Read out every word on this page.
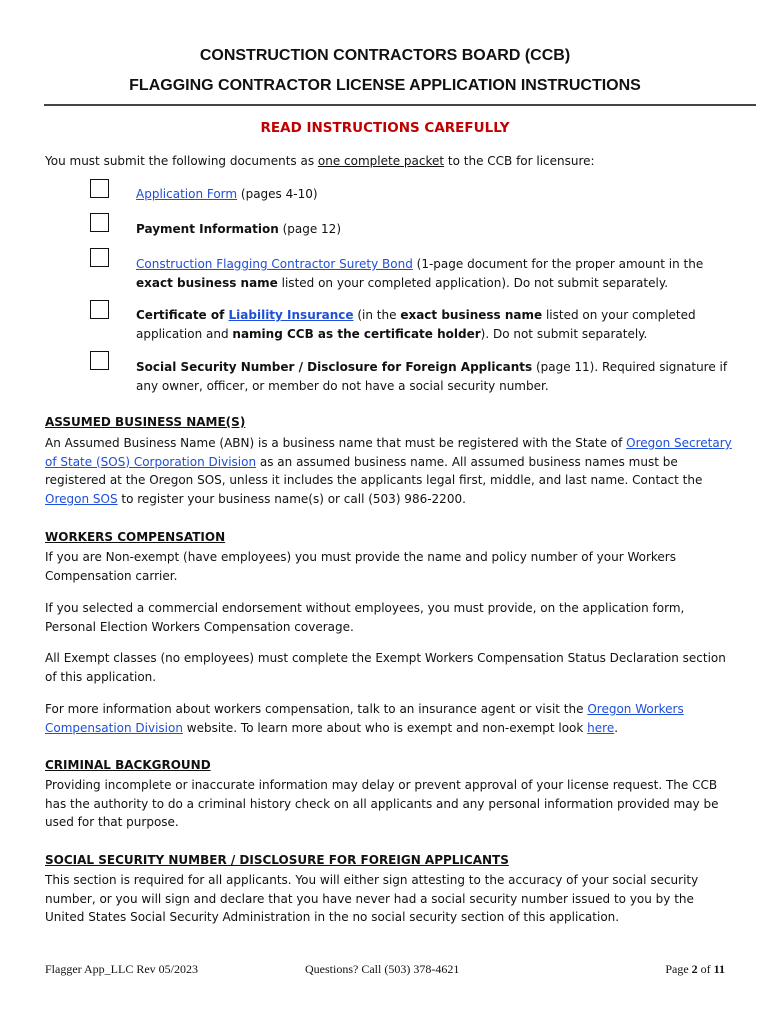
CONSTRUCTION CONTRACTORS BOARD (CCB)
FLAGGING CONTRACTOR LICENSE APPLICATION INSTRUCTIONS
READ INSTRUCTIONS CAREFULLY
You must submit the following documents as one complete packet to the CCB for licensure:
Application Form (pages 4-10)
Payment Information (page 12)
Construction Flagging Contractor Surety Bond (1-page document for the proper amount in the exact business name listed on your completed application). Do not submit separately.
Certificate of Liability Insurance (in the exact business name listed on your completed application and naming CCB as the certificate holder). Do not submit separately.
Social Security Number / Disclosure for Foreign Applicants (page 11). Required signature if any owner, officer, or member do not have a social security number.
ASSUMED BUSINESS NAME(S)
An Assumed Business Name (ABN) is a business name that must be registered with the State of Oregon Secretary of State (SOS) Corporation Division as an assumed business name. All assumed business names must be registered at the Oregon SOS, unless it includes the applicants legal first, middle, and last name. Contact the Oregon SOS to register your business name(s) or call (503) 986-2200.
WORKERS COMPENSATION
If you are Non-exempt (have employees) you must provide the name and policy number of your Workers Compensation carrier.
If you selected a commercial endorsement without employees, you must provide, on the application form, Personal Election Workers Compensation coverage.
All Exempt classes (no employees) must complete the Exempt Workers Compensation Status Declaration section of this application.
For more information about workers compensation, talk to an insurance agent or visit the Oregon Workers Compensation Division website. To learn more about who is exempt and non-exempt look here.
CRIMINAL BACKGROUND
Providing incomplete or inaccurate information may delay or prevent approval of your license request. The CCB has the authority to do a criminal history check on all applicants and any personal information provided may be used for that purpose.
SOCIAL SECURITY NUMBER / DISCLOSURE FOR FOREIGN APPLICANTS
This section is required for all applicants. You will either sign attesting to the accuracy of your social security number, or you will sign and declare that you have never had a social security number issued to you by the United States Social Security Administration in the no social security section of this application.
Flagger App_LLC Rev 05/2023	Questions? Call (503) 378-4621	Page 2 of 11
